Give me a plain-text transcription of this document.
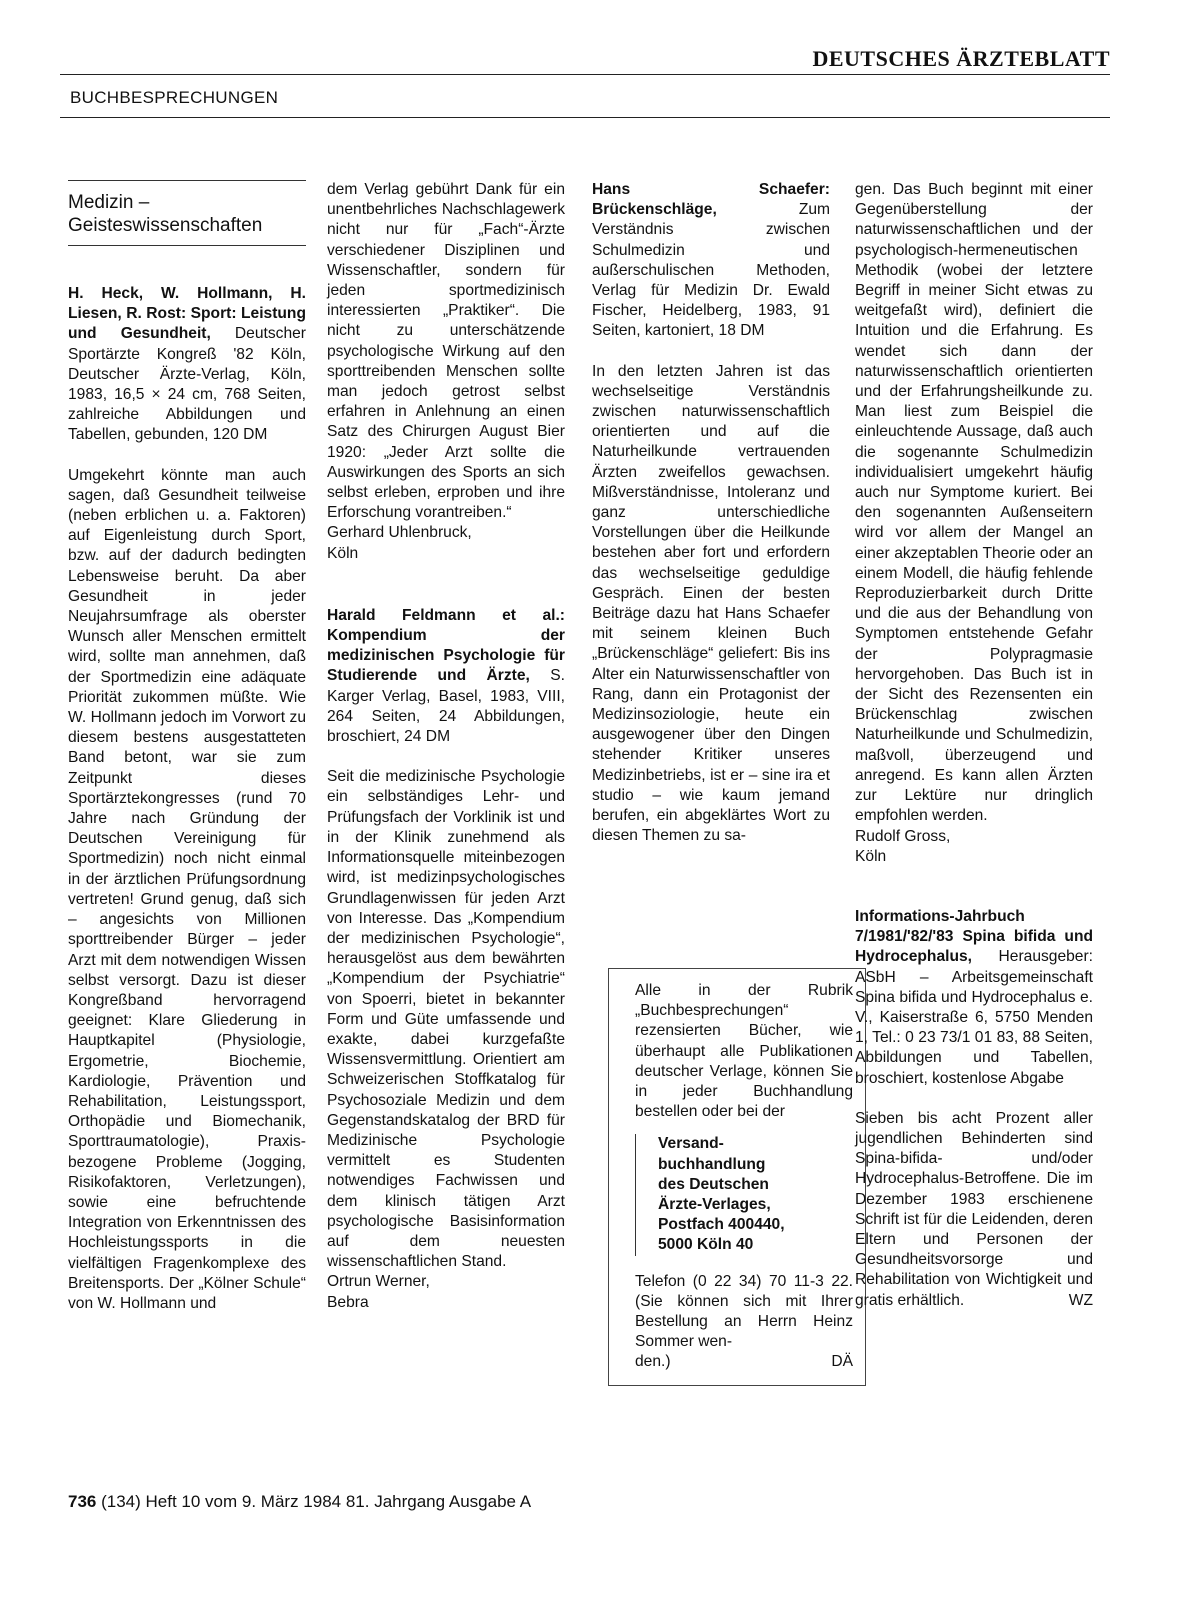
DEUTSCHES ÄRZTEBLATT
BUCHBESPRECHUNGEN
Medizin –
Geisteswissenschaften

H. Heck, W. Hollmann, H. Liesen, R. Rost: Sport: Leistung und Gesundheit, Deutscher Sportärzte Kongreß '82 Köln, Deutscher Ärzte-Verlag, Köln, 1983, 16,5 × 24 cm, 768 Seiten, zahlreiche Abbildungen und Tabellen, gebunden, 120 DM

Umgekehrt könnte man auch sagen, daß Gesundheit teilweise (neben erblichen u. a. Faktoren) auf Eigenleistung durch Sport, bzw. auf der dadurch bedingten Lebensweise beruht. Da aber Gesundheit in jeder Neujahrsumfrage als oberster Wunsch aller Menschen ermittelt wird, sollte man annehmen, daß der Sportmedizin eine adäquate Priorität zukommen müßte. Wie W. Hollmann jedoch im Vorwort zu diesem bestens ausgestatteten Band betont, war sie zum Zeitpunkt dieses Sportärztekongresses (rund 70 Jahre nach Gründung der Deutschen Vereinigung für Sportmedizin) noch nicht einmal in der ärztlichen Prüfungsordnung vertreten! Grund genug, daß sich – angesichts von Millionen sporttreibender Bürger – jeder Arzt mit dem notwendigen Wissen selbst versorgt. Dazu ist dieser Kongreßband hervorragend geeignet: Klare Gliederung in Hauptkapitel (Physiologie, Ergometrie, Biochemie, Kardiologie, Prävention und Rehabilitation, Leistungssport, Orthopädie und Biomechanik, Sporttraumatologie), Praxis-bezogene Probleme (Jogging, Risikofaktoren, Verletzungen), sowie eine befruchtende Integration von Erkenntnissen des Hochleistungssports in die vielfältigen Fragenkomplexe des Breitensports. Der „Kölner Schule“ von W. Hollmann und

dem Verlag gebührt Dank für ein unentbehrliches Nachschlagewerk nicht nur für „Fach“-Ärzte verschiedener Disziplinen und Wissenschaftler, sondern für jeden sportmedizinisch interessierten „Praktiker“. Die nicht zu unterschätzende psychologische Wirkung auf den sporttreibenden Menschen sollte man jedoch getrost selbst erfahren in Anlehnung an einen Satz des Chirurgen August Bier 1920: „Jeder Arzt sollte die Auswirkungen des Sports an sich selbst erleben, erproben und ihre Erforschung vorantreiben.“

Gerhard Uhlenbruck,

Köln

Harald Feldmann et al.: Kompendium der medizinischen Psychologie für Studierende und Ärzte, S. Karger Verlag, Basel, 1983, VIII, 264 Seiten, 24 Abbildungen, broschiert, 24 DM

Seit die medizinische Psychologie ein selbständiges Lehr- und Prüfungsfach der Vorklinik ist und in der Klinik zunehmend als Informationsquelle miteinbezogen wird, ist medizinpsychologisches Grundlagenwissen für jeden Arzt von Interesse. Das „Kompendium der medizinischen Psychologie“, herausgelöst aus dem bewährten „Kompendium der Psychiatrie“ von Spoerri, bietet in bekannter Form und Güte umfassende und exakte, dabei kurzgefaßte Wissensvermittlung. Orientiert am Schweizerischen Stoffkatalog für Psychosoziale Medizin und dem Gegenstandskatalog der BRD für Medizinische Psychologie vermittelt es Studenten notwendiges Fachwissen und dem klinisch tätigen Arzt psychologische Basisinformation auf dem neuesten wissenschaftlichen Stand.

Ortrun Werner,

Bebra

Hans Schaefer: Brückenschläge,	Zum Verständnis zwischen Schulmedizin und außerschulischen Methoden, Verlag für Medizin Dr. Ewald Fischer, Heidelberg, 1983, 91 Seiten, kartoniert, 18 DM

In den letzten Jahren ist das wechselseitige Verständnis zwischen naturwissenschaftlich orientierten und auf die Naturheilkunde vertrauenden Ärzten zweifellos gewachsen. Mißverständnisse, Intoleranz und ganz unterschiedliche Vorstellungen über die Heilkunde bestehen aber fort und erfordern das wechselseitige geduldige Gespräch. Einen der besten Beiträge dazu hat Hans Schaefer mit seinem kleinen Buch „Brückenschläge“ geliefert: Bis ins Alter ein Naturwissenschaftler von Rang, dann ein Protagonist der Medizinsoziologie, heute ein ausgewogener über den Dingen stehender Kritiker unseres Medizinbetriebs, ist er – sine ira et studio – wie kaum jemand berufen, ein abgeklärtes Wort zu diesen Themen zu sa-

Alle in der Rubrik „Buchbesprechungen“ rezensierten Bücher, wie überhaupt alle Publikationen deutscher Verlage, können Sie in jeder Buchhandlung bestellen oder bei der

Versand-
buchhandlung
des Deutschen
Ärzte-Verlages,
Postfach 400440,
5000 Köln 40

Telefon (0 22 34) 70 11-3 22. (Sie können sich mit Ihrer Bestellung an Herrn Heinz Sommer wen-

den.)	DÄ

gen. Das Buch beginnt mit einer Gegenüberstellung der naturwissenschaftlichen und der psychologisch-hermeneutischen Methodik (wobei der letztere Begriff in meiner Sicht etwas zu weitgefaßt wird), definiert die Intuition und die Erfahrung. Es wendet sich dann der naturwissenschaftlich orientierten und der Erfahrungsheilkunde zu. Man liest zum Beispiel die einleuchtende Aussage, daß auch die sogenannte Schulmedizin individualisiert umgekehrt häufig auch nur Symptome kuriert. Bei den sogenannten Außenseitern wird vor allem der Mangel an einer akzeptablen Theorie oder an einem Modell, die häufig fehlende Reproduzierbarkeit durch Dritte und die aus der Behandlung von Symptomen entstehende Gefahr der Polypragmasie hervorgehoben. Das Buch ist in der Sicht des Rezensenten ein Brückenschlag zwischen Naturheilkunde und Schulmedizin, maßvoll, überzeugend und anregend. Es kann allen Ärzten zur Lektüre nur dringlich empfohlen werden.

Rudolf Gross,

Köln

Informations-Jahrbuch 7/1981/'82/'83 Spina bifida und Hydrocephalus, Herausgeber: ASbH – Arbeitsgemeinschaft Spina bifida und Hydrocephalus e. V., Kaiserstraße 6, 5750 Menden 1, Tel.: 0 23 73/1 01 83, 88 Seiten, Abbildungen und Tabellen, broschiert, kostenlose Abgabe

Sieben bis acht Prozent aller jugendlichen Behinderten sind Spina-bifida- und/oder Hydrocephalus-Betroffene. Die im Dezember 1983 erschienene Schrift ist für die Leidenden, deren Eltern und Personen der Gesundheitsvorsorge und Rehabilitation von Wichtigkeit und gratis erhältlich.	WZ

736 (134) Heft 10 vom 9. März 1984 81. Jahrgang Ausgabe A
